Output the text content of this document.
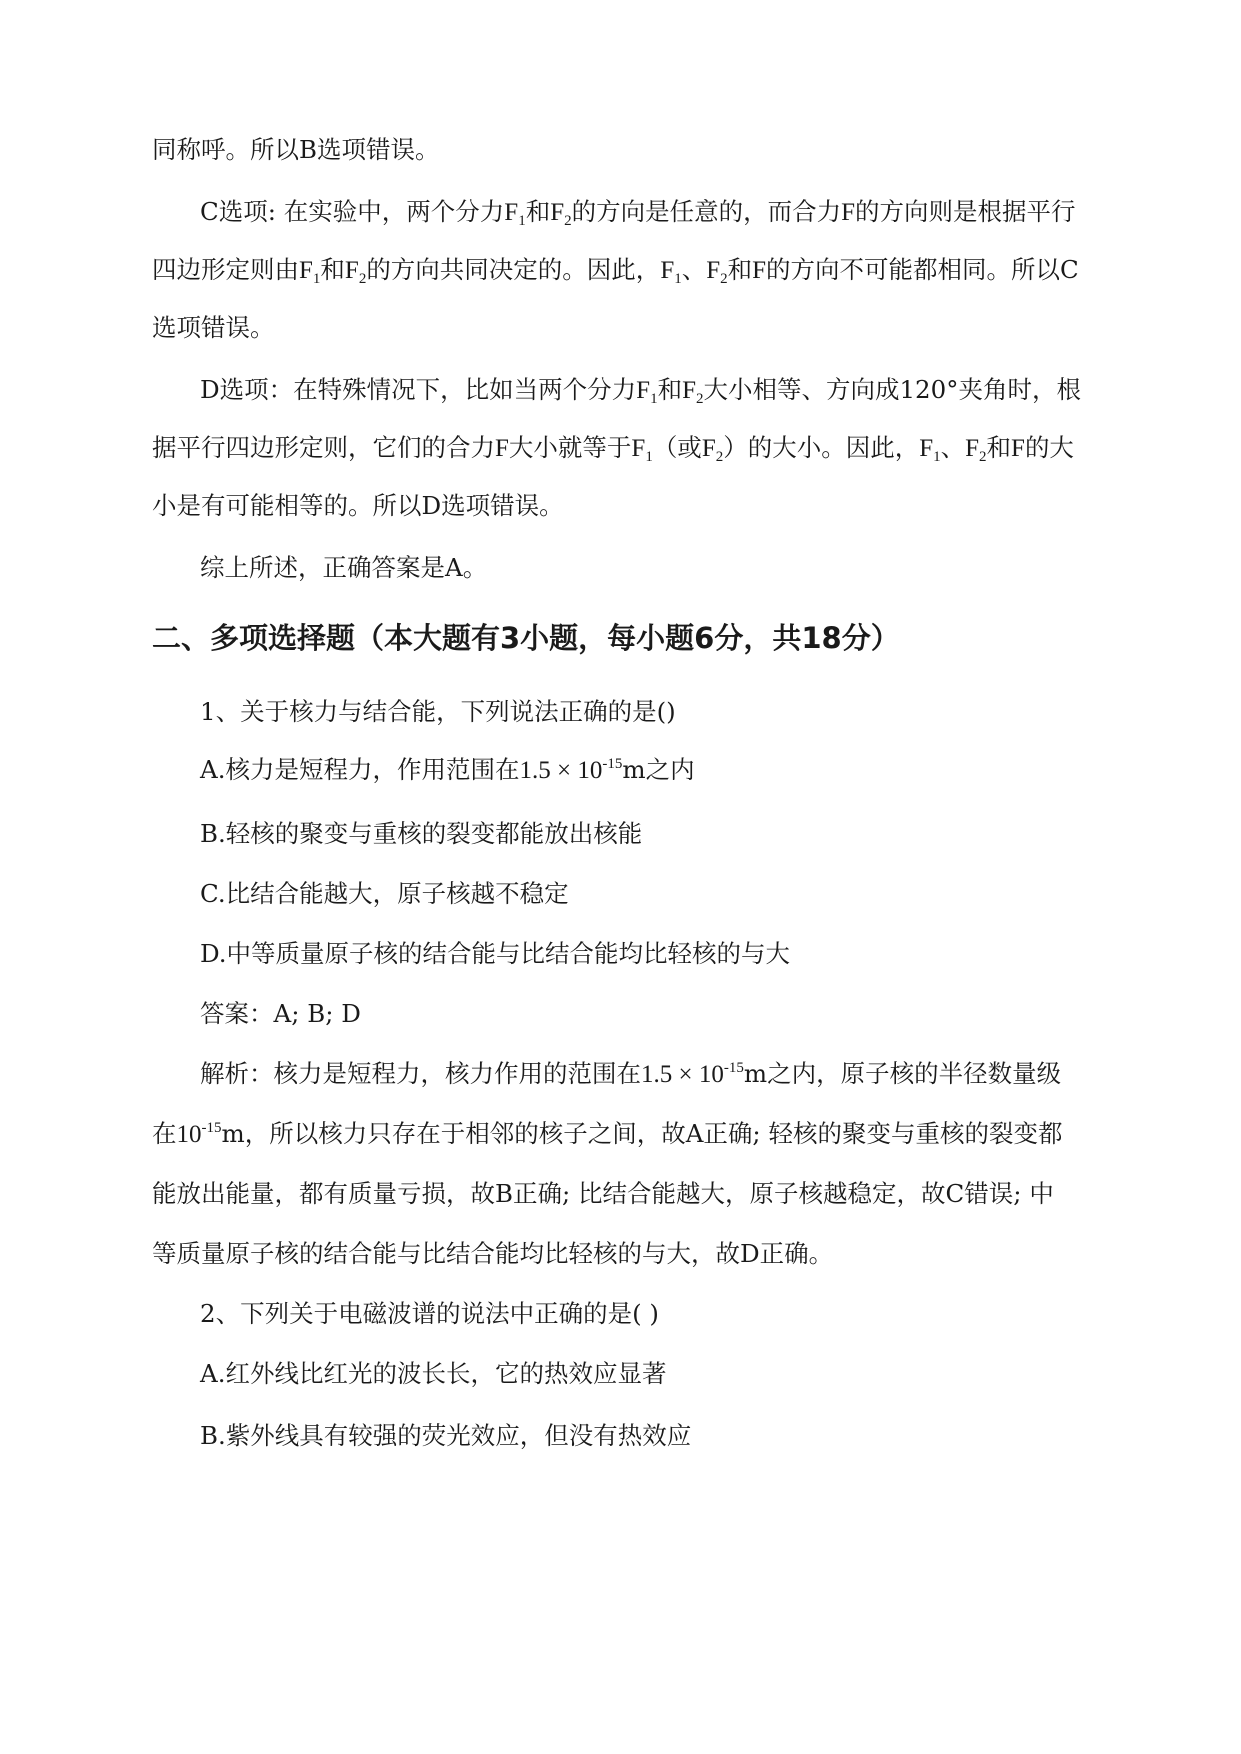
同称呼。所以B选项错误。

C选项: 在实验中，两个分力$F_1$和$F_2$的方向是任意的，而合力F的方向则是根据平行

四边形定则由$F_1$和$F_2$的方向共同决定的。因此，$F_1$、$F_2$和F的方向不可能都相同。所以C

选项错误。

D选项：在特殊情况下，比如当两个分力$F_1$和$F_2$大小相等、方向成120°夹角时，根

据平行四边形定则，它们的合力F大小就等于$F_1$（或$F_2$）的大小。因此，$F_1$、$F_2$和F的大

小是有可能相等的。所以D选项错误。

综上所述，正确答案是A。

二、多项选择题（本大题有3小题，每小题6分，共18分）

1、关于核力与结合能，下列说法正确的是()

A.核力是短程力，作用范围在$1.5 \times 10^{-15}m$之内

B.轻核的聚变与重核的裂变都能放出核能

C.比结合能越大，原子核越不稳定

D.中等质量原子核的结合能与比结合能均比轻核的与大

答案：A; B; D

解析：核力是短程力，核力作用的范围在$1.5 \times 10^{-15}m$之内，原子核的半径数量级

在$10^{-15}m$，所以核力只存在于相邻的核子之间，故A正确; 轻核的聚变与重核的裂变都

能放出能量，都有质量亏损，故B正确; 比结合能越大，原子核越稳定，故C错误; 中

等质量原子核的结合能与比结合能均比轻核的与大，故D正确。

2、下列关于电磁波谱的说法中正确的是( )

A.红外线比红光的波长长，它的热效应显著

B.紫外线具有较强的荧光效应，但没有热效应
